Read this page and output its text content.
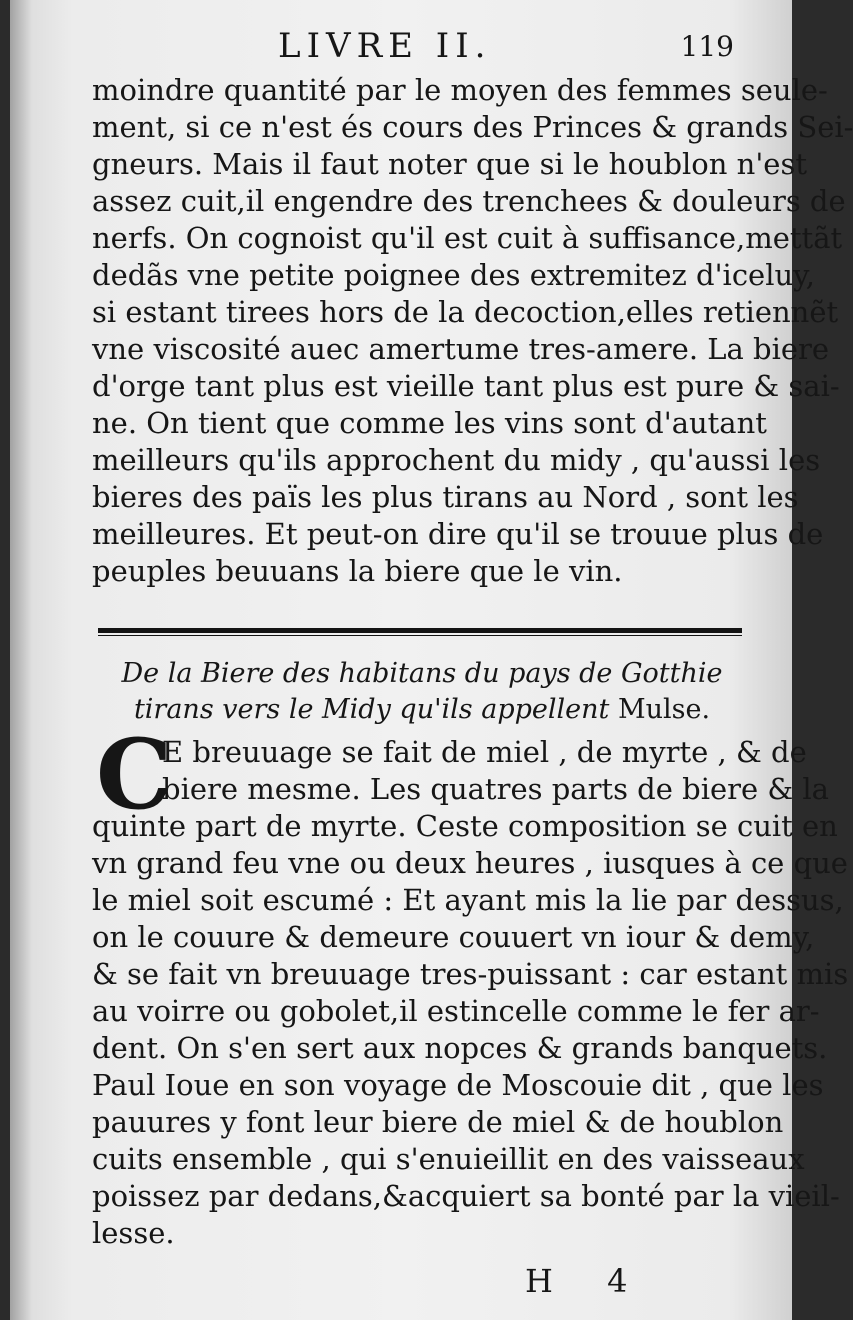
LIVRE II.	119
moindre quantité par le moyen des femmes seule-
ment, si ce n'est és cours des Princes & grands Sei-
gneurs. Mais il faut noter que si le houblon n'est
assez cuit,il engendre des trenchees & douleurs de
nerfs. On cognoist qu'il est cuit à suffisance,mettãt
dedãs vne petite poignee des extremitez d'iceluy,
si estant tirees hors de la decoction,elles retiennẽt
vne viscosité auec amertume tres-amere. La biere
d'orge tant plus est vieille tant plus est pure & sai-
ne. On tient que comme les vins sont d'autant
meilleurs qu'ils approchent du midy , qu'aussi les
bieres des païs les plus tirans au Nord , sont les
meilleures. Et peut-on dire qu'il se trouue plus de
peuples beuuans la biere que le vin.
De la Biere des habitans du pays de Gotthie tirans vers le Midy qu'ils appellent Mulse.
C
E breuuage se fait de miel , de myrte , & de
biere mesme. Les quatres parts de biere & la
quinte part de myrte. Ceste composition se cuit en
vn grand feu vne ou deux heures , iusques à ce que
le miel soit escumé : Et ayant mis la lie par dessus,
on le couure & demeure couuert vn iour & demy,
& se fait vn breuuage tres-puissant : car estant mis
au voirre ou gobolet,il estincelle comme le fer ar-
dent. On s'en sert aux nopces & grands banquets.
Paul Ioue en son voyage de Moscouie dit , que les
pauures y font leur biere de miel & de houblon
cuits ensemble , qui s'enuieillit en des vaisseaux
poissez par dedans,&acquiert sa bonté par la vieil-
lesse.
H 4
